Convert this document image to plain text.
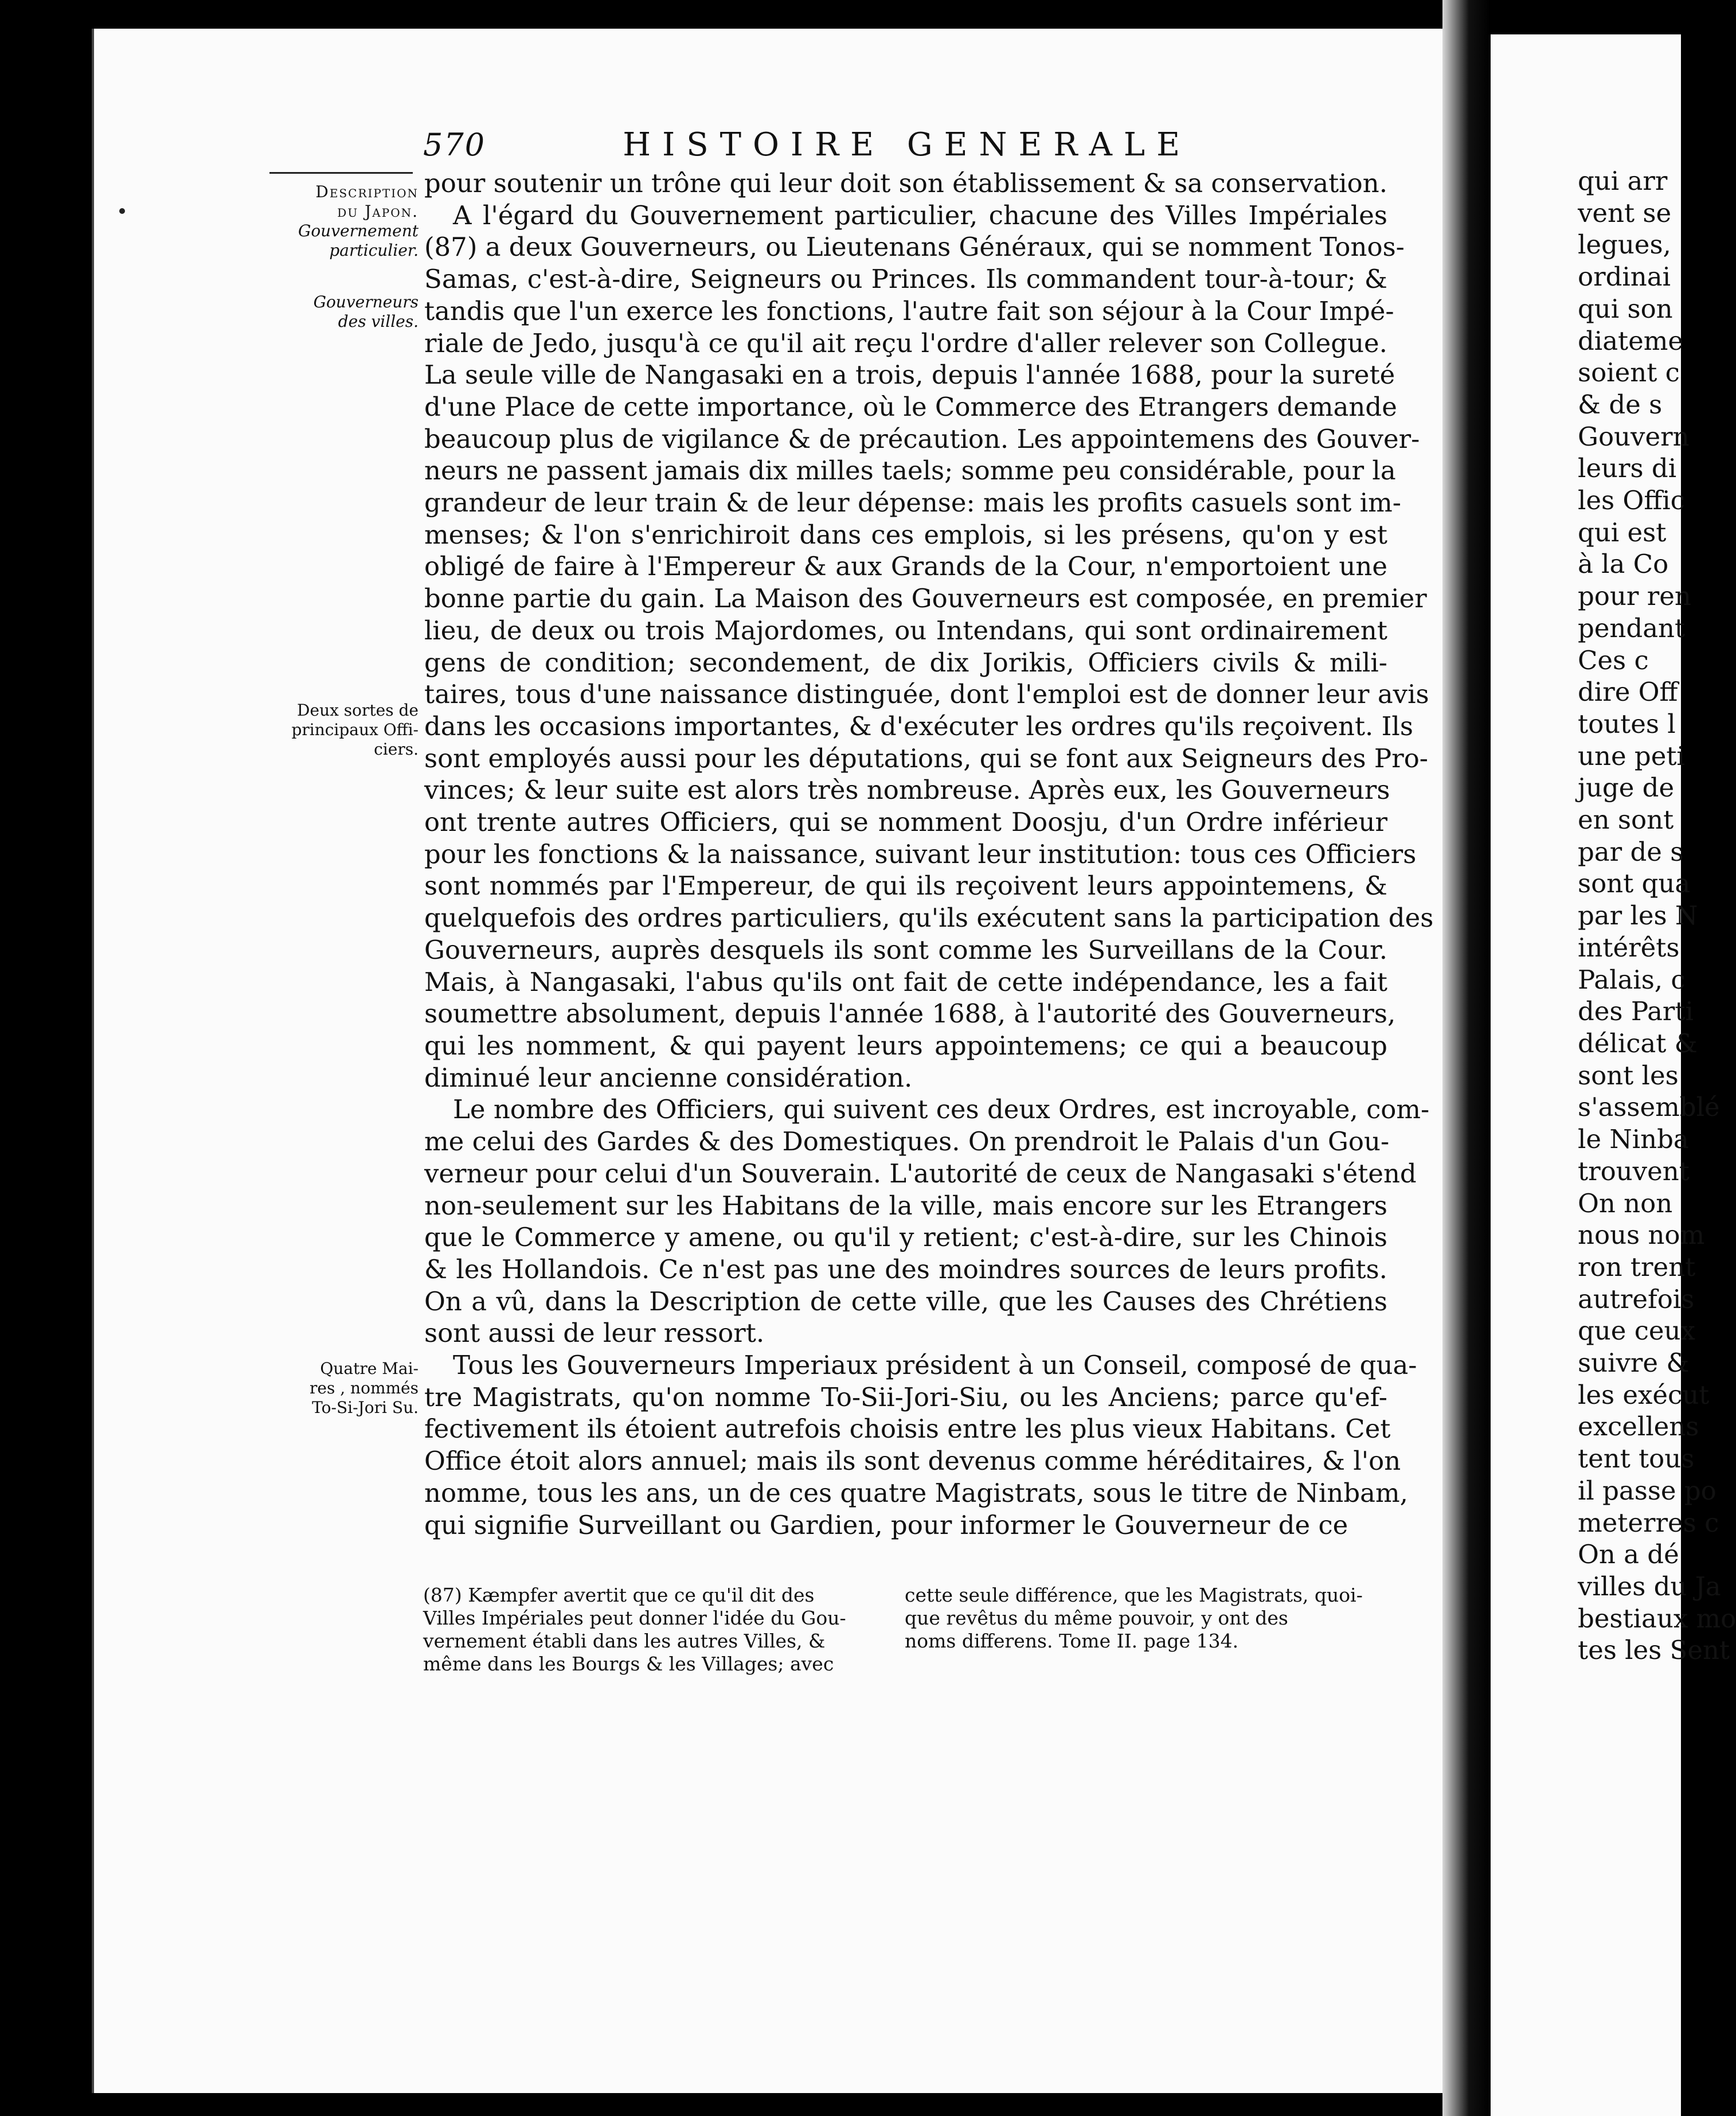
570	HISTOIRE GENERALE
Description
du Japon.
Gouvernement
particulier.
Gouverneurs
des villes.
Deux sortes de
principaux Offi-
ciers.
Quatre Mai-
res , nommés
To-Si-Jori Su.
pour soutenir un trône qui leur doit son établissement & sa conservation.
A l'égard du Gouvernement particulier, chacune des Villes Impériales
(87) a deux Gouverneurs, ou Lieutenans Généraux, qui se nomment Tonos-
Samas, c'est-à-dire, Seigneurs ou Princes. Ils commandent tour-à-tour; &
tandis que l'un exerce les fonctions, l'autre fait son séjour à la Cour Impé-
riale de Jedo, jusqu'à ce qu'il ait reçu l'ordre d'aller relever son Collegue.
La seule ville de Nangasaki en a trois, depuis l'année 1688, pour la sureté
d'une Place de cette importance, où le Commerce des Etrangers demande
beaucoup plus de vigilance & de précaution. Les appointemens des Gouver-
neurs ne passent jamais dix milles taels; somme peu considérable, pour la
grandeur de leur train & de leur dépense: mais les profits casuels sont im-
menses; & l'on s'enrichiroit dans ces emplois, si les présens, qu'on y est
obligé de faire à l'Empereur & aux Grands de la Cour, n'emportoient une
bonne partie du gain. La Maison des Gouverneurs est composée, en premier
lieu, de deux ou trois Majordomes, ou Intendans, qui sont ordinairement
gens de condition; secondement, de dix Jorikis, Officiers civils & mili-
taires, tous d'une naissance distinguée, dont l'emploi est de donner leur avis
dans les occasions importantes, & d'exécuter les ordres qu'ils reçoivent. Ils
sont employés aussi pour les députations, qui se font aux Seigneurs des Pro-
vinces; & leur suite est alors très nombreuse. Après eux, les Gouverneurs
ont trente autres Officiers, qui se nomment Doosju, d'un Ordre inférieur
pour les fonctions & la naissance, suivant leur institution: tous ces Officiers
sont nommés par l'Empereur, de qui ils reçoivent leurs appointemens, &
quelquefois des ordres particuliers, qu'ils exécutent sans la participation des
Gouverneurs, auprès desquels ils sont comme les Surveillans de la Cour.
Mais, à Nangasaki, l'abus qu'ils ont fait de cette indépendance, les a fait
soumettre absolument, depuis l'année 1688, à l'autorité des Gouverneurs,
qui les nomment, & qui payent leurs appointemens; ce qui a beaucoup
diminué leur ancienne considération.
Le nombre des Officiers, qui suivent ces deux Ordres, est incroyable, com-
me celui des Gardes & des Domestiques. On prendroit le Palais d'un Gou-
verneur pour celui d'un Souverain. L'autorité de ceux de Nangasaki s'étend
non-seulement sur les Habitans de la ville, mais encore sur les Etrangers
que le Commerce y amene, ou qu'il y retient; c'est-à-dire, sur les Chinois
& les Hollandois. Ce n'est pas une des moindres sources de leurs profits.
On a vû, dans la Description de cette ville, que les Causes des Chrétiens
sont aussi de leur ressort.
Tous les Gouverneurs Imperiaux président à un Conseil, composé de qua-
tre Magistrats, qu'on nomme To-Sii-Jori-Siu, ou les Anciens; parce qu'ef-
fectivement ils étoient autrefois choisis entre les plus vieux Habitans. Cet
Office étoit alors annuel; mais ils sont devenus comme héréditaires, & l'on
nomme, tous les ans, un de ces quatre Magistrats, sous le titre de Ninbam,
qui signifie Surveillant ou Gardien, pour informer le Gouverneur de ce
(87) Kæmpfer avertit que ce qu'il dit des
Villes Impériales peut donner l'idée du Gou-
vernement établi dans les autres Villes, &
même dans les Bourgs & les Villages; avec
cette seule différence, que les Magistrats, quoi-
que revêtus du même pouvoir, y ont des
noms differens. Tome II. page 134.
qui arr
vent se
legues,
ordinai
qui son
diateme
soient c
& de s
Gouvern
leurs di
les Offic
qui est
à la Co
pour ren
pendant
Ces c
dire Off
toutes l
une peti
juge de
en sont
par de s
sont qua
par les N
intérêts
Palais, c
des Parti
délicat &
sont les
s'assemblé
le Ninba
trouvent
On non
nous nom
ron trent
autrefois
que ceux
suivre &
les exécut
excellens
tent tous
il passe po
meterres c
On a dé
villes du Ja
bestiaux mo
tes les Sent
